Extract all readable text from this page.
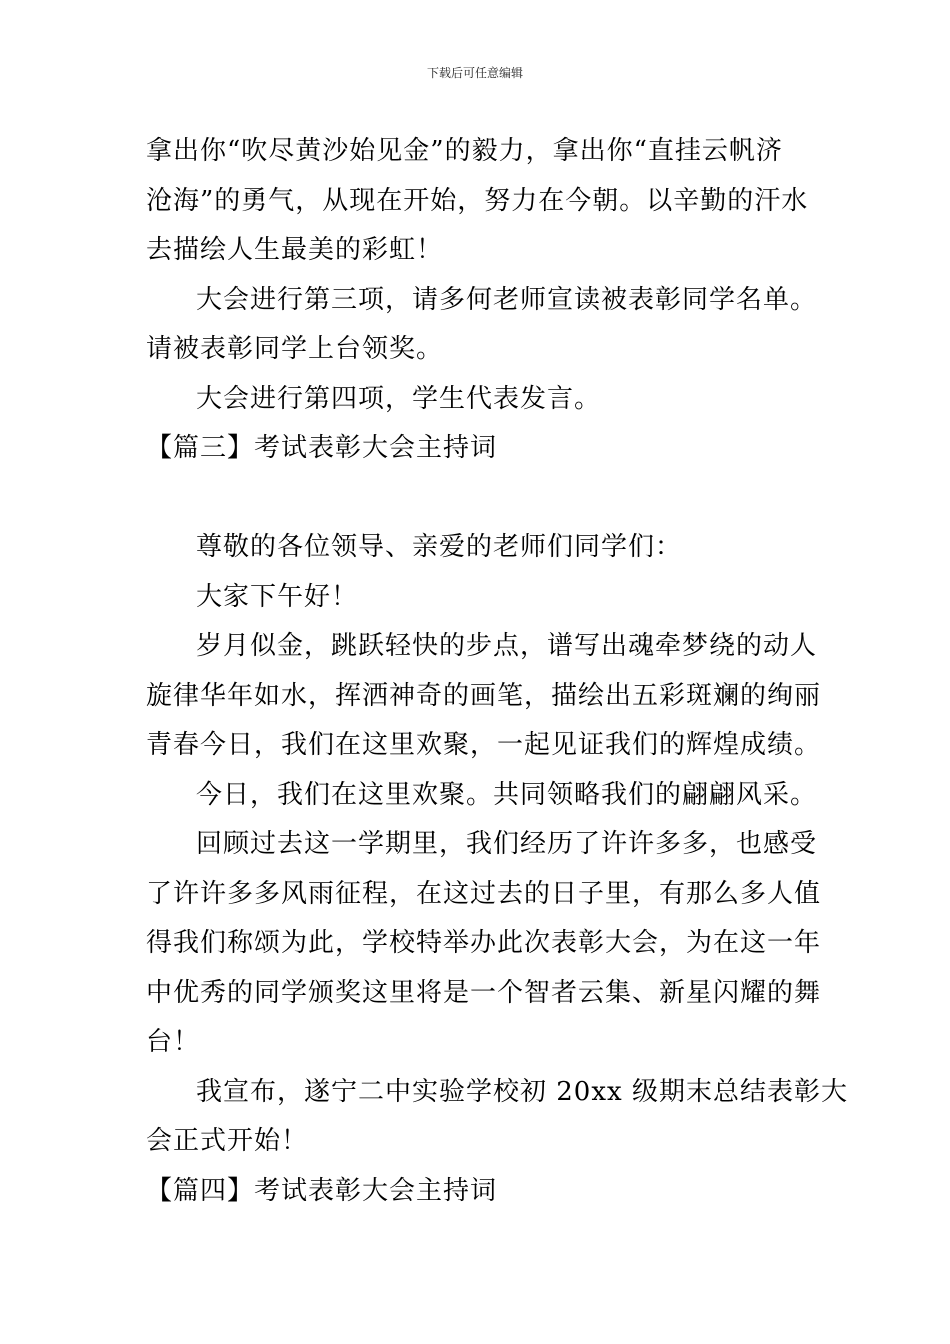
下载后可任意编辑
拿出你“吹尽黄沙始见金”的毅力，拿出你“直挂云帆济
沧海”的勇气，从现在开始，努力在今朝。以辛勤的汗水
去描绘人生最美的彩虹！
大会进行第三项，请多何老师宣读被表彰同学名单。
请被表彰同学上台领奖。
大会进行第四项，学生代表发言。
【篇三】考试表彰大会主持词
尊敬的各位领导、亲爱的老师们同学们：
大家下午好！
岁月似金，跳跃轻快的步点，谱写出魂牵梦绕的动人
旋律华年如水，挥洒神奇的画笔，描绘出五彩斑斓的绚丽
青春今日，我们在这里欢聚，一起见证我们的辉煌成绩。
今日，我们在这里欢聚。共同领略我们的翩翩风采。
回顾过去这一学期里，我们经历了许许多多，也感受
了许许多多风雨征程，在这过去的日子里，有那么多人值
得我们称颂为此，学校特举办此次表彰大会，为在这一年
中优秀的同学颁奖这里将是一个智者云集、新星闪耀的舞
台！
我宣布，遂宁二中实验学校初 20xx 级期末总结表彰大
会正式开始！
【篇四】考试表彰大会主持词
